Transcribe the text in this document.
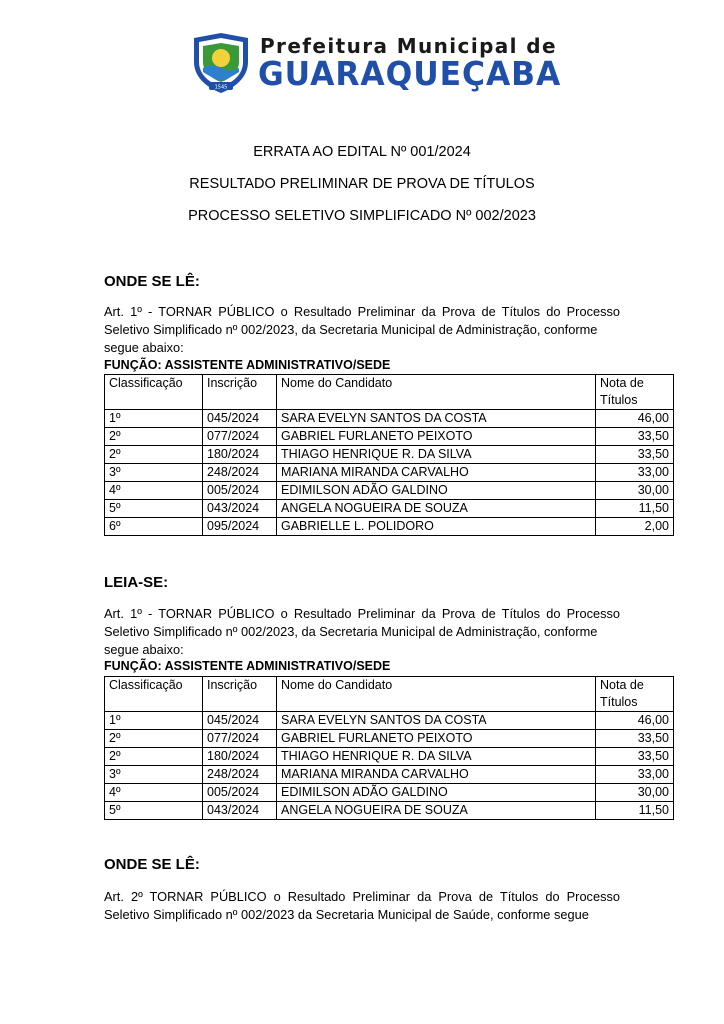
1545
Prefeitura Municipal de
GUARAQUEÇABA
ERRATA AO EDITAL Nº 001/2024
RESULTADO PRELIMINAR DE PROVA DE TÍTULOS
PROCESSO SELETIVO SIMPLIFICADO Nº 002/2023
ONDE SE LÊ:
Art. 1º - TORNAR PÚBLICO o Resultado Preliminar da Prova de Títulos do Processo Seletivo Simplificado nº 002/2023, da Secretaria Municipal de Administração, conforme
segue abaixo:
FUNÇÃO: ASSISTENTE ADMINISTRATIVO/SEDE
Classificação	Inscrição	Nome do Candidato	Nota de Títulos
1º	045/2024	SARA EVELYN SANTOS DA COSTA	46,00
2º	077/2024	GABRIEL FURLANETO PEIXOTO	33,50
2º	180/2024	THIAGO HENRIQUE R. DA SILVA	33,50
3º	248/2024	MARIANA MIRANDA CARVALHO	33,00
4º	005/2024	EDIMILSON ADÃO GALDINO	30,00
5º	043/2024	ANGELA NOGUEIRA DE SOUZA	11,50
6º	095/2024	GABRIELLE L. POLIDORO	2,00
LEIA-SE:
Art. 1º - TORNAR PÚBLICO o Resultado Preliminar da Prova de Títulos do Processo Seletivo Simplificado nº 002/2023, da Secretaria Municipal de Administração, conforme
segue abaixo:
FUNÇÃO: ASSISTENTE ADMINISTRATIVO/SEDE
Classificação	Inscrição	Nome do Candidato	Nota de Títulos
1º	045/2024	SARA EVELYN SANTOS DA COSTA	46,00
2º	077/2024	GABRIEL FURLANETO PEIXOTO	33,50
2º	180/2024	THIAGO HENRIQUE R. DA SILVA	33,50
3º	248/2024	MARIANA MIRANDA CARVALHO	33,00
4º	005/2024	EDIMILSON ADÃO GALDINO	30,00
5º	043/2024	ANGELA NOGUEIRA DE SOUZA	11,50
ONDE SE LÊ:
Art. 2º TORNAR PÚBLICO o Resultado Preliminar da Prova de Títulos do Processo Seletivo Simplificado nº 002/2023 da Secretaria Municipal de Saúde, conforme segue
